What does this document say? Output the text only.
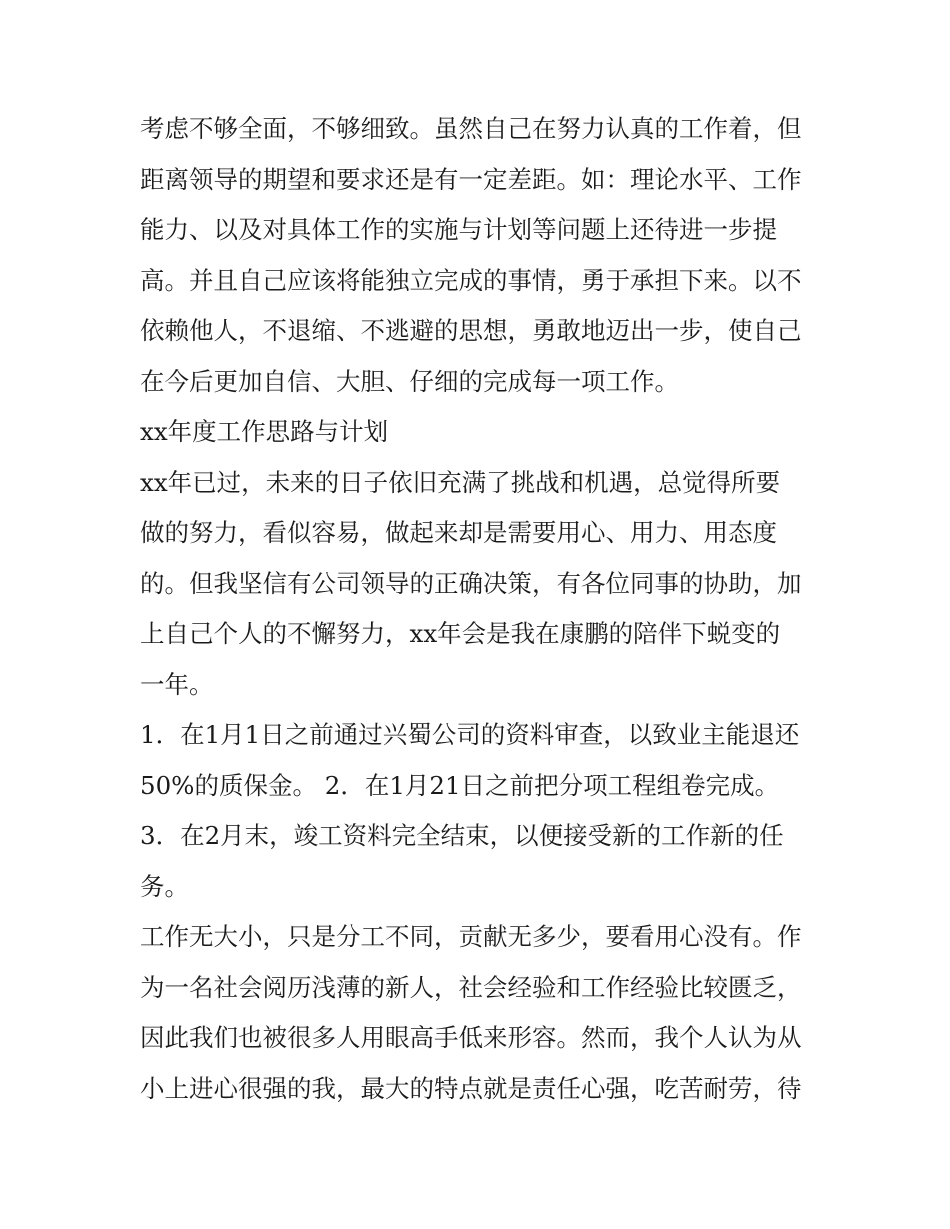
考虑不够全面，不够细致。虽然自己在努力认真的工作着，但
距离领导的期望和要求还是有一定差距。如：理论水平、工作
能力、以及对具体工作的实施与计划等问题上还待进一步提
高。并且自己应该将能独立完成的事情，勇于承担下来。以不
依赖他人，不退缩、不逃避的思想，勇敢地迈出一步，使自己
在今后更加自信、大胆、仔细的完成每一项工作。
xx年度工作思路与计划
xx年已过，未来的日子依旧充满了挑战和机遇，总觉得所要
做的努力，看似容易，做起来却是需要用心、用力、用态度
的。但我坚信有公司领导的正确决策，有各位同事的协助，加
上自己个人的不懈努力，xx年会是我在康鹏的陪伴下蜕变的
一年。
1．在1月1日之前通过兴蜀公司的资料审查，以致业主能退还
50%的质保金。 2．在1月21日之前把分项工程组卷完成。
3．在2月末，竣工资料完全结束，以便接受新的工作新的任
务。
工作无大小，只是分工不同，贡献无多少，要看用心没有。作
为一名社会阅历浅薄的新人，社会经验和工作经验比较匮乏，
因此我们也被很多人用眼高手低来形容。然而，我个人认为从
小上进心很强的我，最大的特点就是责任心强，吃苦耐劳，待
